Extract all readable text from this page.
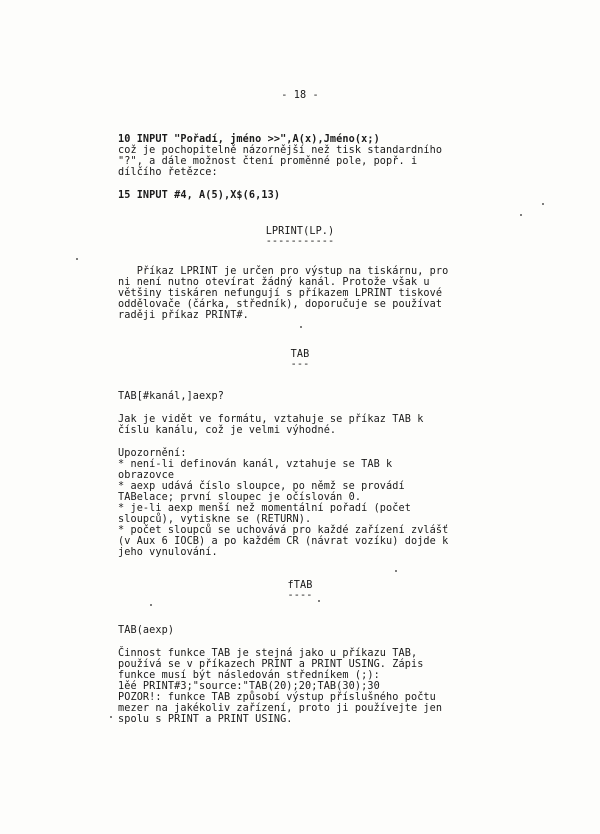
- 18 -
10 INPUT "Pořadí, jméno >>",A(x),Jméno(x;)
což je pochopitelně názornější než tisk standardního
"?", a dále možnost čtení proměnné pole, popř. i
dílčího řetězce:
15 INPUT #4, A(5),X$(6,13)
LPRINT(LP.)
-----------
Příkaz LPRINT je určen pro výstup na tiskárnu, pro
ni není nutno otevírat žádný kanál. Protože však u
většiny tiskáren nefungují s příkazem LPRINT tiskové
oddělovače (čárka, středník), doporučuje se používat
raději příkaz PRINT#.
TAB
---
TAB[#kanál,]aexp?
Jak je vidět ve formátu, vztahuje se příkaz TAB k
číslu kanálu, což je velmi výhodné.
Upozornění:
* není-li definován kanál, vztahuje se TAB k
obrazovce
* aexp udává číslo sloupce, po němž se provádí
TABelace; první sloupec je očíslován 0.
* je-li aexp menší než momentální pořadí (počet
sloupců), vytiskne se (RETURN).
* počet sloupců se uchovává pro každé zařízení zvlášť
(v Aux 6 IOCB) a po každém CR (návrat vozíku) dojde k
jeho vynulování.
fTAB
----
TAB(aexp)
Činnost funkce TAB je stejná jako u příkazu TAB,
používá se v příkazech PRINT a PRINT USING. Zápis
funkce musí být následován středníkem (;):
1ěé PRINT#3;"source:"TAB(20);20;TAB(30);30
POZOR!: funkce TAB způsobí výstup příslušného počtu
mezer na jakékoliv zařízení, proto ji používejte jen
spolu s PRINT a PRINT USING.
